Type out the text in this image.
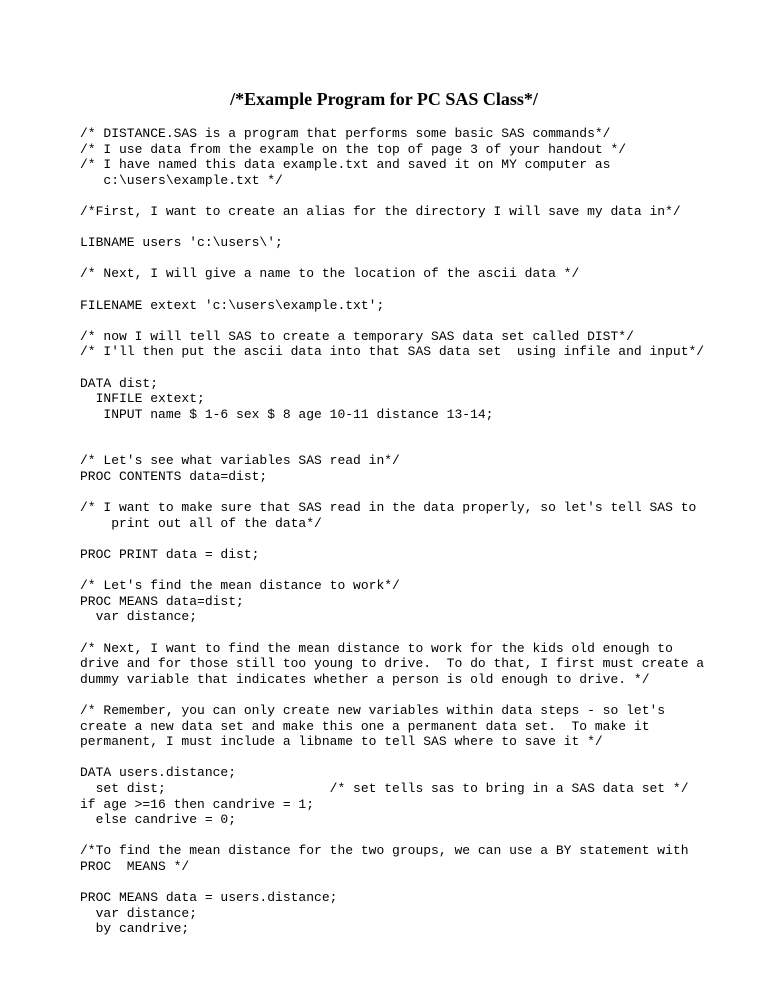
/*Example Program for PC SAS Class*/
/* DISTANCE.SAS is a program that performs some basic SAS commands*/
/* I use data from the example on the top of page 3 of your handout */
/* I have named this data example.txt and saved it on MY computer as
c:\users\example.txt */
/*First, I want to create an alias for the directory I will save my data in*/
LIBNAME users 'c:\users\';
/* Next, I will give a name to the location of the ascii data */
FILENAME extext 'c:\users\example.txt';
/* now I will tell SAS to create a temporary SAS data set called DIST*/
/* I'll then put the ascii data into that SAS data set  using infile and input*/
DATA dist;
INFILE extext;
INPUT name $ 1-6 sex $ 8 age 10-11 distance 13-14;
/* Let's see what variables SAS read in*/
PROC CONTENTS data=dist;
/* I want to make sure that SAS read in the data properly, so let's tell SAS to
print out all of the data*/
PROC PRINT data = dist;
/* Let's find the mean distance to work*/
PROC MEANS data=dist;
var distance;
/* Next, I want to find the mean distance to work for the kids old enough to
drive and for those still too young to drive.  To do that, I first must create a
dummy variable that indicates whether a person is old enough to drive. */
/* Remember, you can only create new variables within data steps - so let's
create a new data set and make this one a permanent data set.  To make it
permanent, I must include a libname to tell SAS where to save it */
DATA users.distance;
set dist;                     /* set tells sas to bring in a SAS data set */
if age >=16 then candrive = 1;
else candrive = 0;
/*To find the mean distance for the two groups, we can use a BY statement with
PROC  MEANS */
PROC MEANS data = users.distance;
var distance;
by candrive;
